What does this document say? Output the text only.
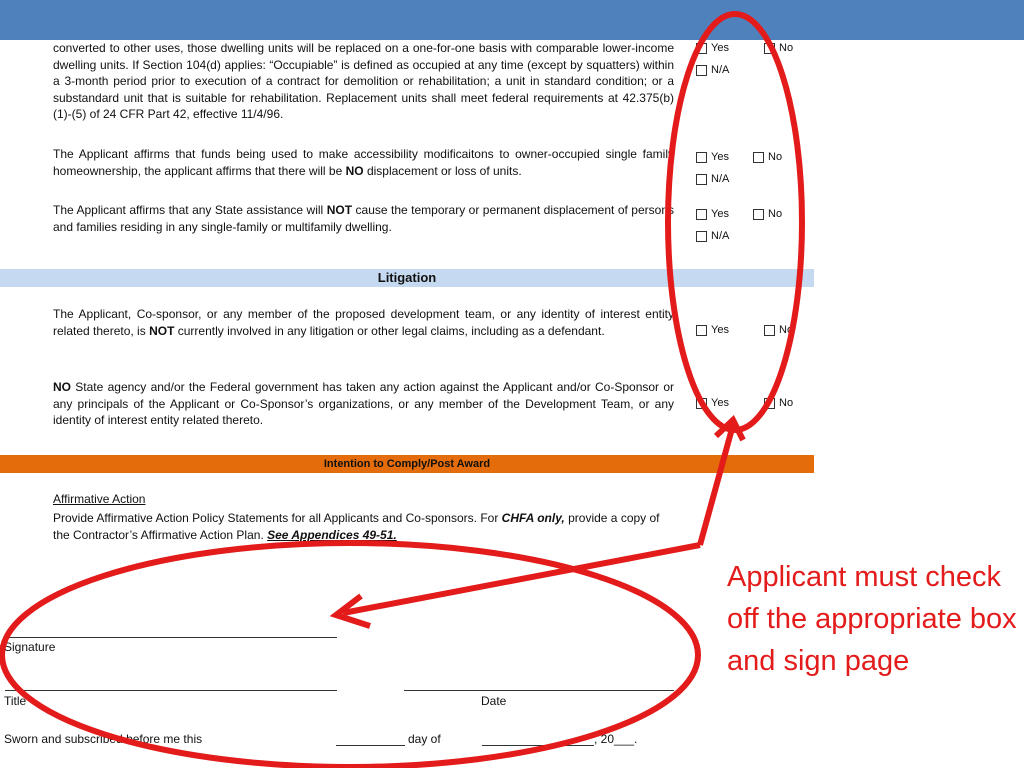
converted to other uses, those dwelling units will be replaced on a one-for-one basis with comparable lower-income dwelling units. If Section 104(d) applies: “Occupiable” is defined as occupied at any time (except by squatters) within a 3-month period prior to execution of a contract for demolition or rehabilitation; a unit in standard condition; or a substandard unit that is suitable for rehabilitation. Replacement units shall meet federal requirements at 42.375(b) (1)-(5) of 24 CFR Part 42, effective 11/4/96.

Yes	No
N/A

The Applicant affirms that funds being used to make accessibility modificaitons to owner-occupied single family homeownership, the applicant affirms that there will be NO displacement or loss of units.

Yes	No
N/A

The Applicant affirms that any State assistance will NOT cause the temporary or permanent displacement of persons and families residing in any single-family or multifamily dwelling.

Yes	No
N/A
Litigation

The Applicant, Co-sponsor, or any member of the proposed development team, or any identity of interest entity related thereto, is NOT currently involved in any litigation or other legal claims, including as a defendant.	Yes	No

NO State agency and/or the Federal government has taken any action against the Applicant and/or Co-Sponsor or any principals of the Applicant or Co-Sponsor’s organizations, or any member of the Development Team, or any identity of interest entity related thereto.

Yes	No
Intention to Comply/Post Award
Affirmative Action

Provide Affirmative Action Policy Statements for all Applicants and Co-sponsors. For CHFA only, provide a copy of the Contractor’s Affirmative Action Plan. See Appendices 49-51.

Signature
Title	Date
Sworn and subscribed before me this	day of	, 20___.
Applicant must check off the appropriate box and sign page
